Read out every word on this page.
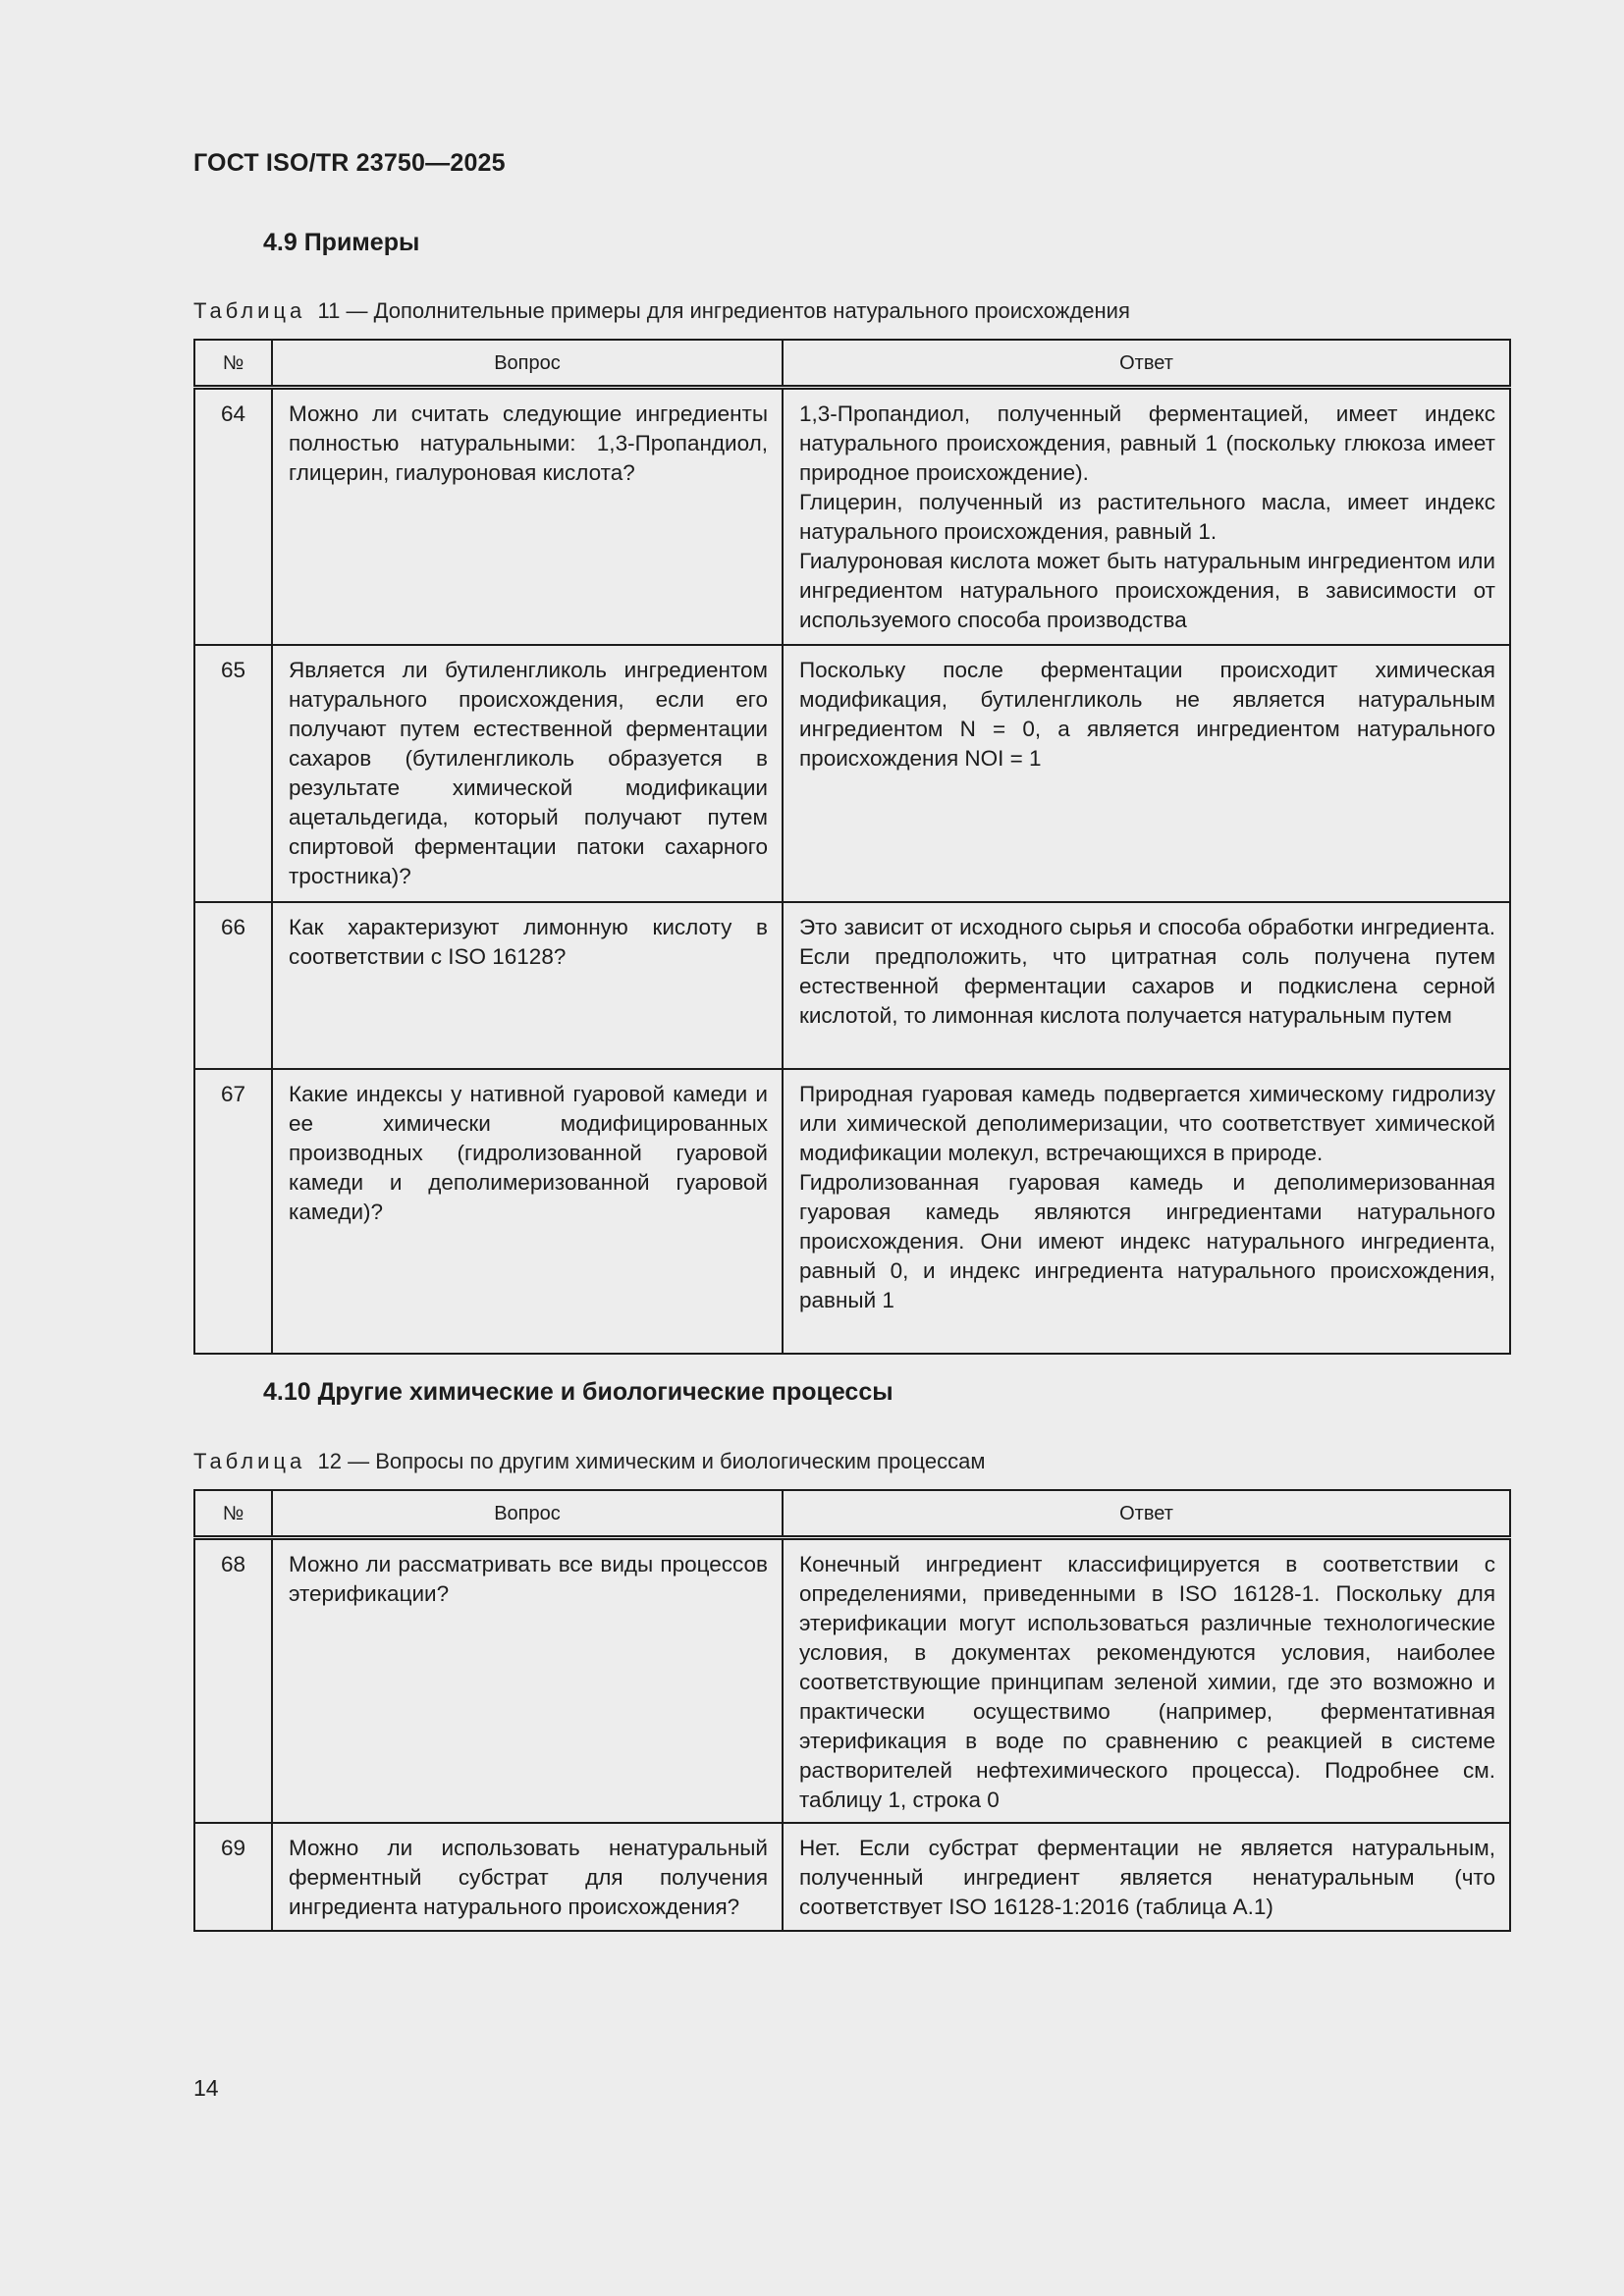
ГОСТ ISO/TR 23750—2025
4.9 Примеры
Таблица 11 — Дополнительные примеры для ингредиентов натурального происхождения
№	Вопрос	Ответ
64	Можно ли считать следующие ингредиенты полностью натуральными: 1,3-Пропандиол, глицерин, гиалуроновая кислота?	1,3-Пропандиол, полученный ферментацией, имеет индекс натурального происхождения, равный 1 (поскольку глюкоза имеет природное происхождение).
Глицерин, полученный из растительного масла, имеет индекс натурального происхождения, равный 1.
Гиалуроновая кислота может быть натуральным ингредиентом или ингредиентом натурального происхождения, в зависимости от используемого способа производства

65	Является ли бутиленгликоль ингредиентом натурального происхождения, если его получают путем естественной ферментации сахаров (бутиленгликоль образуется в результате химической модификации ацетальдегида, который получают путем спиртовой ферментации патоки сахарного тростника)?	Поскольку после ферментации происходит химическая модификация, бутиленгликоль не является натуральным ингредиентом N = 0, а является ингредиентом натурального происхождения NOI = 1

66	Как характеризуют лимонную кислоту в соответствии с ISO 16128?	Это зависит от исходного сырья и способа обработки ингредиента. Если предположить, что цитратная соль получена путем естественной ферментации сахаров и подкислена серной кислотой, то лимонная кислота получается натуральным путем

67	Какие индексы у нативной гуаровой камеди и ее химически модифицированных производных (гидролизованной гуаровой камеди и деполимеризованной гуаровой камеди)?	Природная гуаровая камедь подвергается химическому гидролизу или химической деполимеризации, что соответствует химической модификации молекул, встречающихся в природе.
Гидролизованная гуаровая камедь и деполимеризованная гуаровая камедь являются ингредиентами натурального происхождения. Они имеют индекс натурального ингредиента, равный 0, и индекс ингредиента натурального происхождения, равный 1
4.10 Другие химические и биологические процессы
Таблица 12 — Вопросы по другим химическим и биологическим процессам
№	Вопрос	Ответ
68	Можно ли рассматривать все виды процессов этерификации?	Конечный ингредиент классифицируется в соответствии с определениями, приведенными в ISO 16128-1. Поскольку для этерификации могут использоваться различные технологические условия, в документах рекомендуются условия, наиболее соответствующие принципам зеленой химии, где это возможно и практически осуществимо (например, ферментативная этерификация в воде по сравнению с реакцией в системе растворителей нефтехимического процесса). Подробнее см. таблицу 1, строка 0

69	Можно ли использовать ненатуральный ферментный субстрат для получения ингредиента натурального происхождения?	Нет. Если субстрат ферментации не является натуральным, полученный ингредиент является ненатуральным (что соответствует ISO 16128-1:2016 (таблица А.1)
14
